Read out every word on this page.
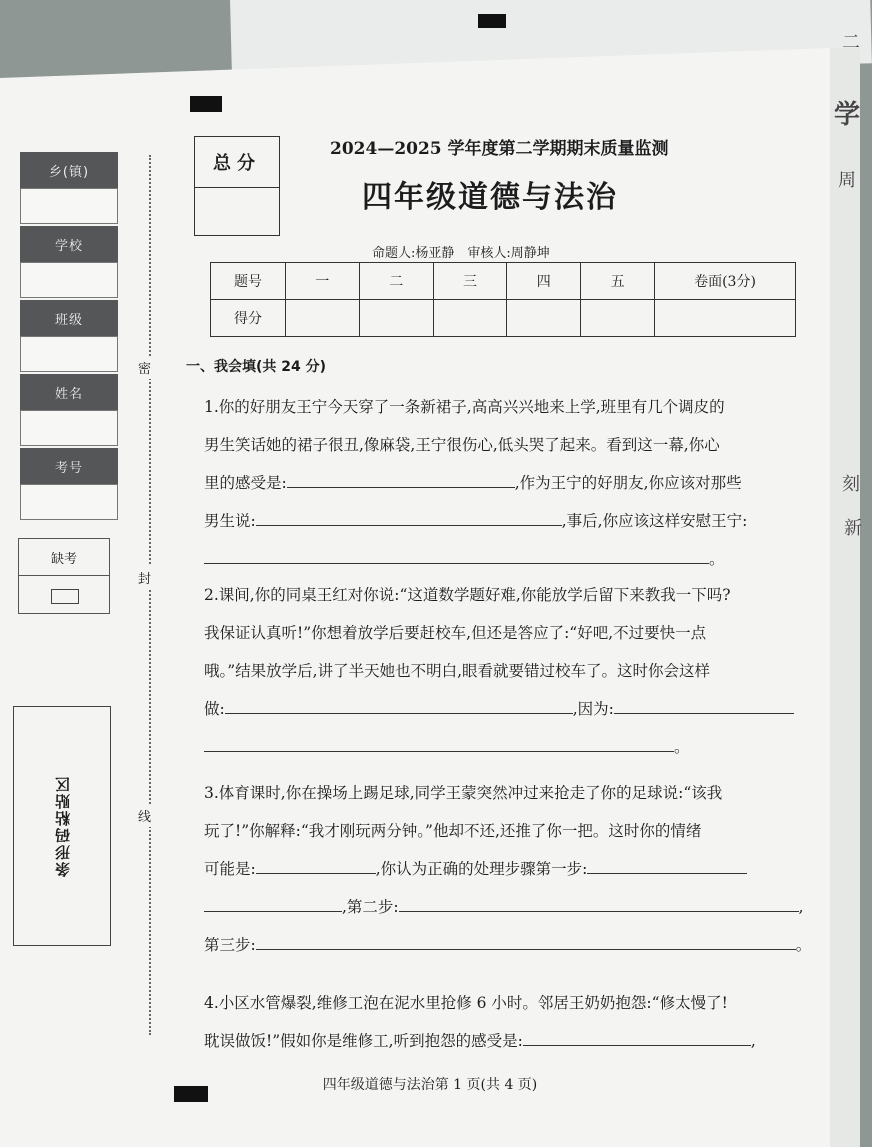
二
学
周
刻
新
乡(镇)
学校
班级
姓名
考号
缺考
条形码粘贴区
密
封
线
总分
2024—2025 学年度第二学期期末质量监测
四年级道德与法治
命题人:杨亚静　审核人:周静坤
题号	一	二	三	四	五	卷面(3分)
得分						
一、我会填(共 24 分)
1.你的好朋友王宁今天穿了一条新裙子,高高兴兴地来上学,班里有几个调皮的
男生笑话她的裙子很丑,像麻袋,王宁很伤心,低头哭了起来。看到这一幕,你心
里的感受是:	,作为王宁的好朋友,你应该对那些
男生说:	,事后,你应该这样安慰王宁:
。
2.课间,你的同桌王红对你说:“这道数学题好难,你能放学后留下来教我一下吗?
我保证认真听!”你想着放学后要赶校车,但还是答应了:“好吧,不过要快一点
哦。”结果放学后,讲了半天她也不明白,眼看就要错过校车了。这时你会这样
做:	,因为:
。
3.体育课时,你在操场上踢足球,同学王蒙突然冲过来抢走了你的足球说:“该我
玩了!”你解释:“我才刚玩两分钟。”他却不还,还推了你一把。这时你的情绪
可能是:	,你认为正确的处理步骤第一步:
,第二步:	,
第三步:	。
4.小区水管爆裂,维修工泡在泥水里抢修 6 小时。邻居王奶奶抱怨:“修太慢了!
耽误做饭!”假如你是维修工,听到抱怨的感受是:	,
四年级道德与法治第 1 页(共 4 页)
